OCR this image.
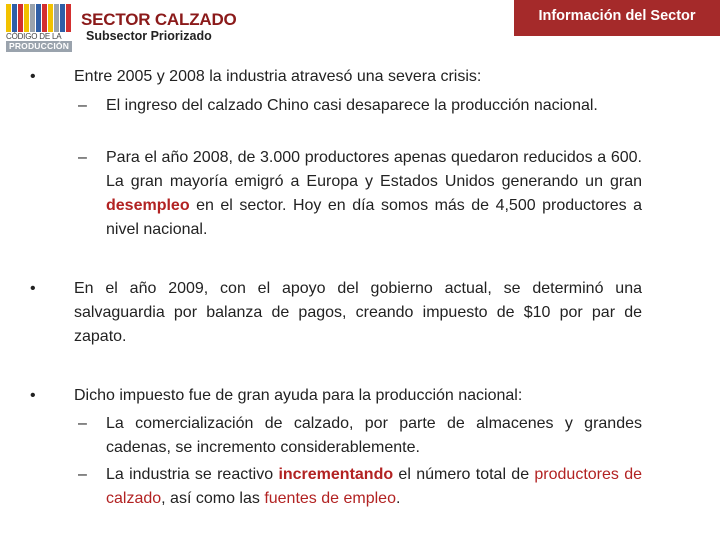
CÓDIGO DE LA
PRODUCCIÓN
SECTOR CALZADO
Subsector Priorizado
Información del Sector
• Entre 2005 y 2008 la industria atravesó una severa crisis:
– El ingreso del calzado Chino casi desaparece la producción nacional.
– Para el año 2008, de 3.000 productores apenas quedaron reducidos a 600. La gran mayoría emigró a Europa y Estados Unidos generando un gran desempleo en el sector. Hoy en día somos más de 4,500 productores a nivel nacional.
• En el año 2009, con el apoyo del gobierno actual, se determinó una salvaguardia por balanza de pagos, creando impuesto de $10 por par de zapato.
• Dicho impuesto fue de gran ayuda para la producción nacional:
– La comercialización de calzado, por parte de almacenes y grandes cadenas, se incremento considerablemente.
– La industria se reactivo incrementando el número total de productores de calzado, así como las fuentes de empleo.
